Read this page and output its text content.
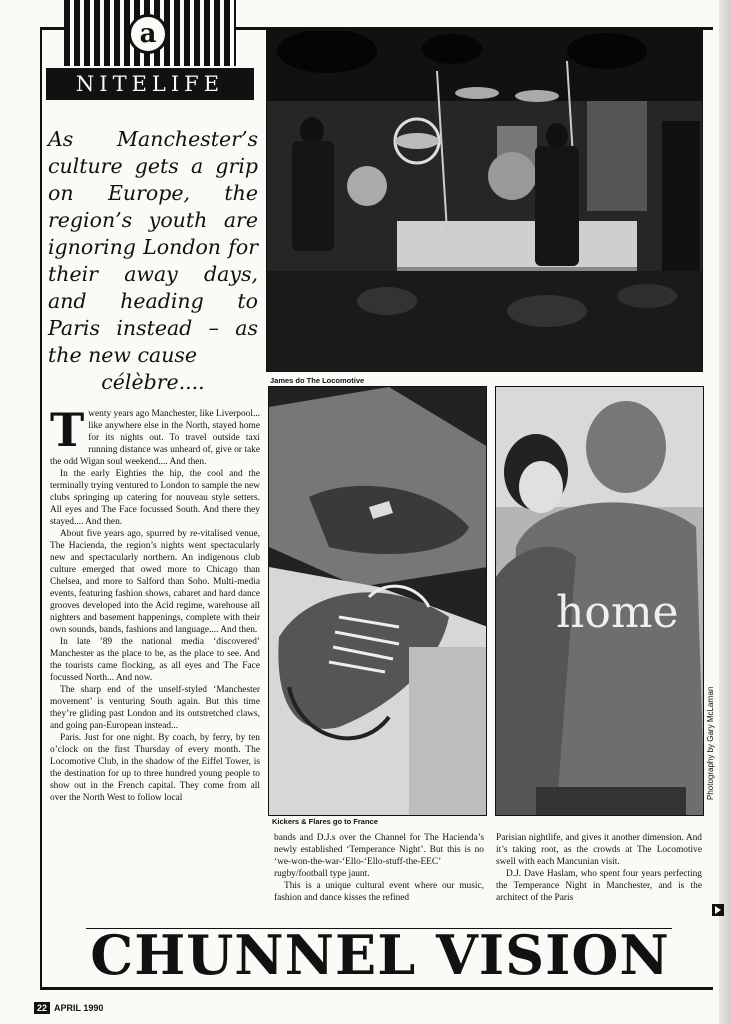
a
NITELIFE
As Manchester’s culture gets a grip on Europe, the region’s youth are ignoring London for their away days, and heading to Paris instead – as the new cause
célèbre....	James do The Locomotive
Kickers & Flares go to France
home

Twenty years ago Manchester, like Liverpool... like anywhere else in the North, stayed home for its nights out. To travel outside taxi running distance was unheard of, give or take the odd Wigan soul weekend.... And then.

In the early Eighties the hip, the cool and the terminally trying ventured to London to sample the new clubs springing up catering for nouveau style setters. All eyes and The Face focussed South. And there they stayed.... And then.

About five years ago, spurred by re-vitalised venue, The Hacienda, the region’s nights went spectacularly new and spectacularly northern. An indigenous club culture emerged that owed more to Chicago than Chelsea, and more to Salford than Soho. Multi-media events, featuring fashion shows, cabaret and hard dance grooves developed into the Acid regime, warehouse all nighters and basement happenings, complete with their own sounds, bands, fashions and language.... And then.

In late ’89 the national media ‘discovered’ Manchester as the place to be, as the place to see. And the tourists came flocking, as all eyes and The Face focussed North... And now.

The sharp end of the unself-styled ‘Manchester movement’ is venturing South again. But this time they’re gliding past London and its outstretched claws, and going pan-European instead...

Paris. Just for one night. By coach, by ferry, by ten o’clock on the first Thursday of every month. The Locomotive Club, in the shadow of the Eiffel Tower, is the destination for up to three hundred young people to show out in the French capital. They come from all over the North West to follow local

bands and D.J.s over the Channel for The Hacienda’s newly established ‘Temperance Night’. But this is no ‘we-won-the-war-‘Ello-‘Ello-stuff-the-EEC’ rugby/football type jaunt.

This is a unique cultural event where our music, fashion and dance kisses the refined

Parisian nightlife, and gives it another dimension. And it’s taking root, as the crowds at The Locomotive swell with each Mancunian visit.

D.J. Dave Haslam, who spent four years perfecting the Temperance Night in Manchester, and is the architect of the Paris

CHUNNEL VISION
Photography by Gary McLarnan
22 APRIL 1990
